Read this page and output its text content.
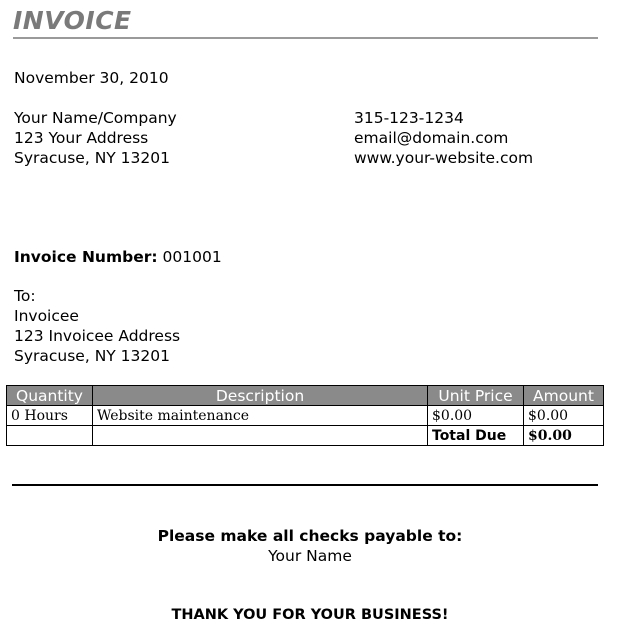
INVOICE
November 30, 2010
Your Name/Company
123 Your Address
Syracuse, NY 13201
315-123-1234
email@domain.com
www.your-website.com
Invoice Number: 001001
To:
Invoicee
123 Invoicee Address
Syracuse, NY 13201
Quantity	Description	Unit Price	Amount
0 Hours	Website maintenance	$0.00	$0.00
		Total Due	$0.00
Please make all checks payable to:
Your Name
THANK YOU FOR YOUR BUSINESS!
